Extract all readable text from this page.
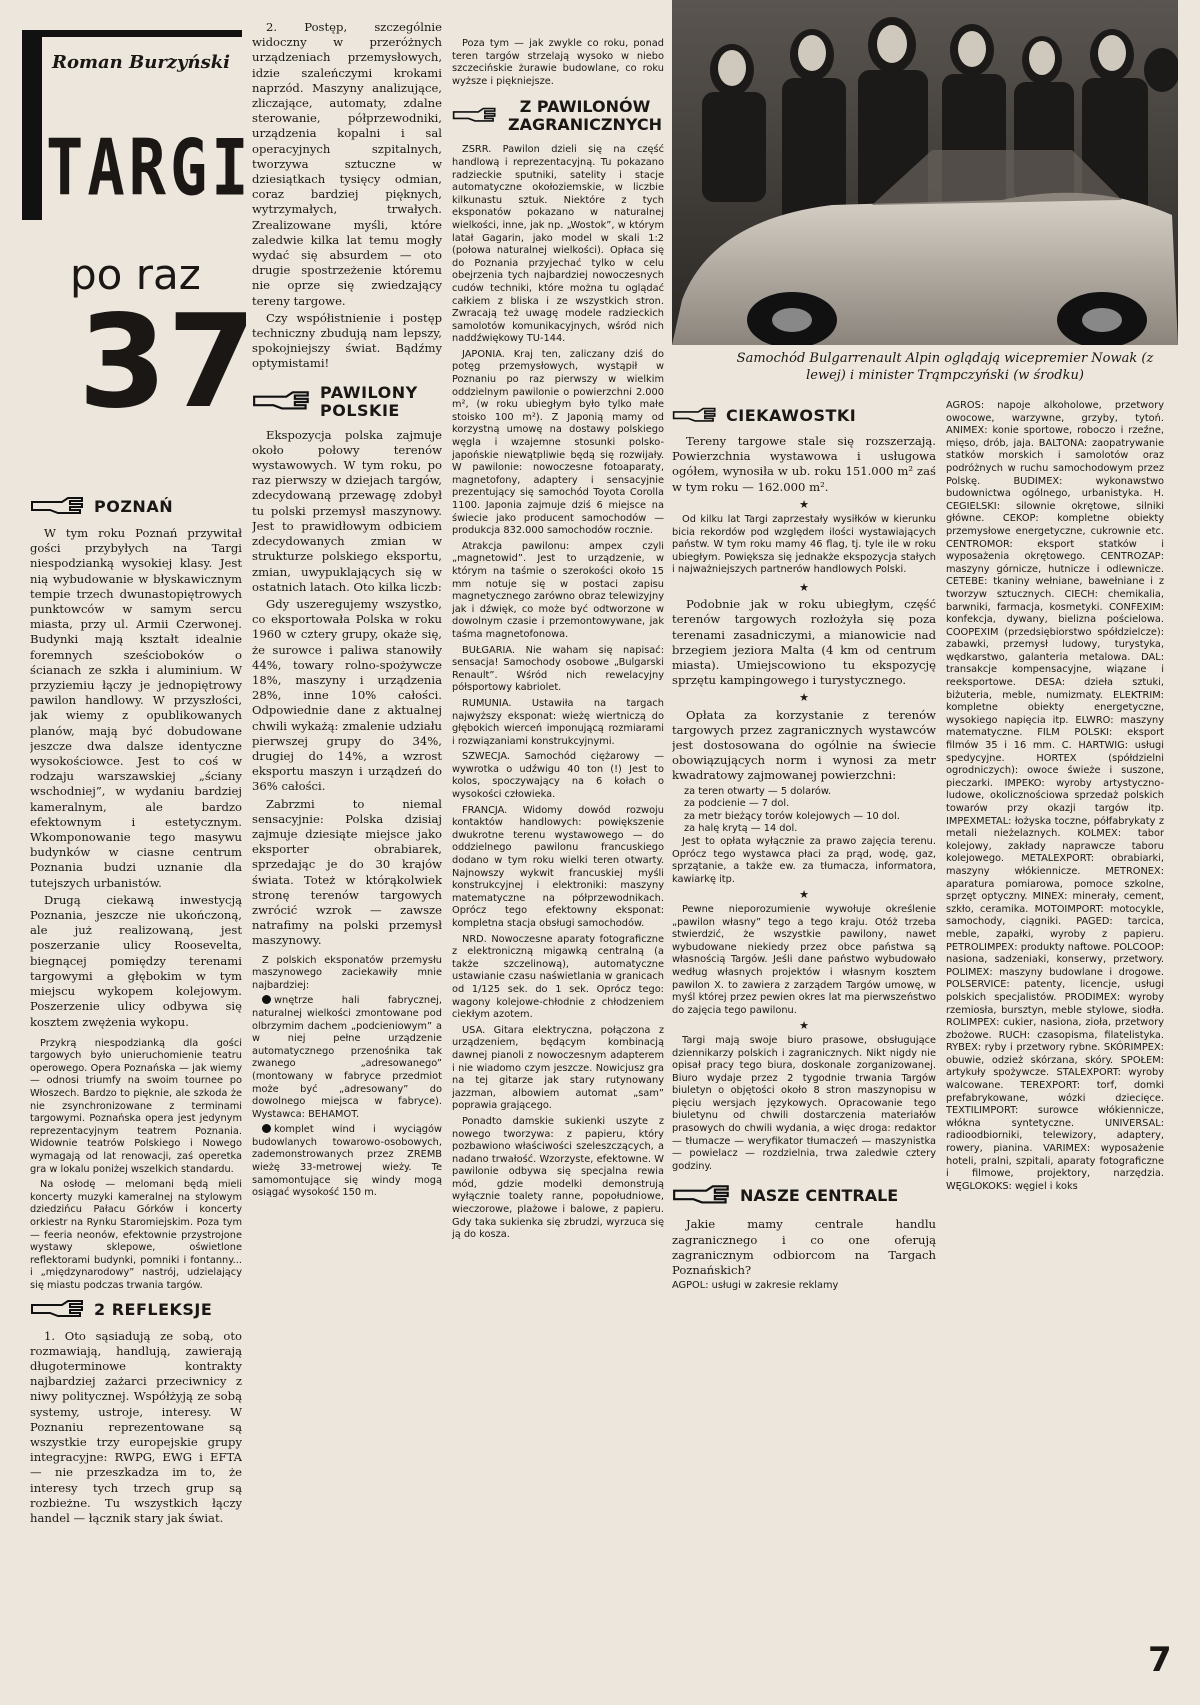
Roman Burzyński
TARGI
po raz
37
POZNAŃ

W tym roku Poznań przywitał gości przybyłych na Targi niespodzianką wysokiej klasy. Jest nią wybudowanie w błyskawicznym tempie trzech dwunastopiętrowych punktowców w samym sercu miasta, przy ul. Armii Czerwonej. Budynki mają kształt idealnie foremnych sześcioboków o ścianach ze szkła i aluminium. W przyziemiu łączy je jednopiętrowy pawilon handlowy. W przyszłości, jak wiemy z opublikowanych planów, mają być dobudowane jeszcze dwa dalsze identyczne wysokościowce. Jest to coś w rodzaju warszawskiej „ściany wschodniej”, w wydaniu bardziej kameralnym, ale bardzo efektownym i estetycznym. Wkomponowanie tego masywu budynków w ciasne centrum Poznania budzi uznanie dla tutejszych urbanistów.

Drugą ciekawą inwestycją Poznania, jeszcze nie ukończoną, ale już realizowaną, jest poszerzanie ulicy Roosevelta, biegnącej pomiędzy terenami targowymi a głębokim w tym miejscu wykopem kolejowym. Poszerzenie ulicy odbywa się kosztem zwężenia wykopu.

Przykrą niespodzianką dla gości targowych było unieruchomienie teatru operowego. Opera Poznańska — jak wiemy — odnosi triumfy na swoim tournee po Włoszech. Bardzo to pięknie, ale szkoda że nie zsynchronizowane z terminami targowymi. Poznańska opera jest jedynym reprezentacyjnym teatrem Poznania. Widownie teatrów Polskiego i Nowego wymagają od lat renowacji, zaś operetka gra w lokalu poniżej wszelkich standardu.

Na osłodę — melomani będą mieli koncerty muzyki kameralnej na stylowym dziedzińcu Pałacu Górków i koncerty orkiestr na Rynku Staromiejskim. Poza tym — feeria neonów, efektownie przystrojone wystawy sklepowe, oświetlone reflektorami budynki, pomniki i fontanny... i „międzynarodowy” nastrój, udzielający się miastu podczas trwania targów.

2 REFLEKSJE

1. Oto sąsiadują ze sobą, oto rozmawiają, handlują, zawierają długoterminowe kontrakty najbardziej zażarci przeciwnicy z niwy politycznej. Współżyją ze sobą systemy, ustroje, interesy. W Poznaniu reprezentowane są wszystkie trzy europejskie grupy integracyjne: RWPG, EWG i EFTA — nie przeszkadza im to, że interesy tych trzech grup są rozbieżne. Tu wszystkich łączy handel — łącznik stary jak świat.

2. Postęp, szczególnie widoczny w przeróżnych urządzeniach przemysłowych, idzie szaleńczymi krokami naprzód. Maszyny analizujące, zliczające, automaty, zdalne sterowanie, półprzewodniki, urządzenia kopalni i sal operacyjnych szpitalnych, tworzywa sztuczne w dziesiątkach tysięcy odmian, coraz bardziej pięknych, wytrzymałych, trwałych. Zrealizowane myśli, które zaledwie kilka lat temu mogły wydać się absurdem — oto drugie spostrzeżenie któremu nie oprze się zwiedzający tereny targowe.

Czy współistnienie i postęp techniczny zbudują nam lepszy, spokojniejszy świat. Bądźmy optymistami!

PAWILONY POLSKIE

Ekspozycja polska zajmuje około połowy terenów wystawowych. W tym roku, po raz pierwszy w dziejach targów, zdecydowaną przewagę zdobył tu polski przemysł maszynowy. Jest to prawidłowym odbiciem zdecydowanych zmian w strukturze polskiego eksportu, zmian, uwypuklających się w ostatnich latach. Oto kilka liczb:

Gdy uszeregujemy wszystko, co eksportowała Polska w roku 1960 w cztery grupy, okaże się, że surowce i paliwa stanowiły 44%, towary rolno-spożywcze 18%, maszyny i urządzenia 28%, inne 10% całości. Odpowiednie dane z aktualnej chwili wykażą: zmalenie udziału pierwszej grupy do 34%, drugiej do 14%, a wzrost eksportu maszyn i urządzeń do 36% całości.

Zabrzmi to niemal sensacyjnie: Polska dzisiaj zajmuje dziesiąte miejsce jako eksporter obrabiarek, sprzedając je do 30 krajów świata. Toteż w którąkolwiek stronę terenów targowych zwrócić wzrok — zawsze natrafimy na polski przemysł maszynowy.

Z polskich eksponatów przemysłu maszynowego zaciekawiły mnie najbardziej:

wnętrze hali fabrycznej, naturalnej wielkości zmontowane pod olbrzymim dachem „podcieniowym” a w niej pełne urządzenie automatycznego przenośnika tak zwanego „adresowanego” (montowany w fabryce przedmiot może być „adresowany” do dowolnego miejsca w fabryce). Wystawca: BEHAMOT.

komplet wind i wyciągów budowlanych towarowo-osobowych, zademonstrowanych przez ZREMB wieżę 33-metrowej wieży. Te samomontujące się windy mogą osiągać wysokość 150 m.

Poza tym — jak zwykle co roku, ponad teren targów strzelają wysoko w niebo szczecińskie żurawie budowlane, co roku wyższe i piękniejsze.

Z PAWILONÓW ZAGRANICZNYCH

ZSRR. Pawilon dzieli się na część handlową i reprezentacyjną. Tu pokazano radzieckie sputniki, satelity i stacje automatyczne okołoziemskie, w liczbie kilkunastu sztuk. Niektóre z tych eksponatów pokazano w naturalnej wielkości, inne, jak np. „Wostok”, w którym latał Gagarin, jako model w skali 1:2 (połowa naturalnej wielkości). Opłaca się do Poznania przyjechać tylko w celu obejrzenia tych najbardziej nowoczesnych cudów techniki, które można tu oglądać całkiem z bliska i ze wszystkich stron. Zwracają też uwagę modele radzieckich samolotów komunikacyjnych, wśród nich naddźwiękowy TU-144.

JAPONIA. Kraj ten, zaliczany dziś do potęg przemysłowych, wystąpił w Poznaniu po raz pierwszy w wielkim oddzielnym pawilonie o powierzchni 2.000 m², (w roku ubiegłym było tylko małe stoisko 100 m²). Z Japonią mamy od korzystną umowę na dostawy polskiego węgla i wzajemne stosunki polsko-japońskie niewątpliwie będą się rozwijały. W pawilonie: nowoczesne fotoaparaty, magnetofony, adaptery i sensacyjnie prezentujący się samochód Toyota Corolla 1100. Japonia zajmuje dziś 6 miejsce na świecie jako producent samochodów — produkcja 832.000 samochodów rocznie.

Atrakcja pawilonu: ampex czyli „magnetowid”. Jest to urządzenie, w którym na taśmie o szerokości około 15 mm notuje się w postaci zapisu magnetycznego zarówno obraz telewizyjny jak i dźwięk, co może być odtworzone w dowolnym czasie i przemontowywane, jak taśma magnetofonowa.

BUŁGARIA. Nie waham się napisać: sensacja! Samochody osobowe „Bulgarski Renault”. Wśród nich rewelacyjny półsportowy kabriolet.

RUMUNIA. Ustawiła na targach najwyższy eksponat: wieżę wiertniczą do głębokich wierceń imponującą rozmiarami i rozwiązaniami konstrukcyjnymi.

SZWECJA. Samochód ciężarowy — wywrotka o udźwigu 40 ton (!) Jest to kolos, spoczywający na 6 kołach o wysokości człowieka.

FRANCJA. Widomy dowód rozwoju kontaktów handlowych: powiększenie dwukrotne terenu wystawowego — do oddzielnego pawilonu francuskiego dodano w tym roku wielki teren otwarty. Najnowszy wykwit francuskiej myśli konstrukcyjnej i elektroniki: maszyny matematyczne na półprzewodnikach. Oprócz tego efektowny eksponat: kompletna stacja obsługi samochodów.

NRD. Nowoczesne aparaty fotograficzne z elektroniczną migawką centralną (a także szczelinową), automatyczne ustawianie czasu naświetlania w granicach od 1/125 sek. do 1 sek. Oprócz tego: wagony kolejowe-chłodnie z chłodzeniem ciekłym azotem.

USA. Gitara elektryczna, połączona z urządzeniem, będącym kombinacją dawnej pianoli z nowoczesnym adapterem i nie wiadomo czym jeszcze. Nowicjusz gra na tej gitarze jak stary rutynowany jazzman, albowiem automat „sam” poprawia grającego.

Ponadto damskie sukienki uszyte z nowego tworzywa: z papieru, który pozbawiono właściwości szeleszczących, a nadano trwałość. Wzorzyste, efektowne. W pawilonie odbywa się specjalna rewia mód, gdzie modelki demonstrują wyłącznie toalety ranne, popołudniowe, wieczorowe, plażowe i balowe, z papieru. Gdy taka sukienka się zbrudzi, wyrzuca się ją do kosza.

Samochód Bulgarrenault Alpin oglądają wicepremier Nowak (z lewej) i minister Trąmpczyński (w środku)
CIEKAWOSTKI

Tereny targowe stale się rozszerzają. Powierzchnia wystawowa i usługowa ogółem, wynosiła w ub. roku 151.000 m² zaś w tym roku — 162.000 m².

★

Od kilku lat Targi zaprzestały wysiłków w kierunku bicia rekordów pod względem ilości wystawiających państw. W tym roku mamy 46 flag, tj. tyle ile w roku ubiegłym. Powiększa się jednakże ekspozycja stałych i najważniejszych partnerów handlowych Polski.

★

Podobnie jak w roku ubiegłym, część terenów targowych rozłożyła się poza terenami zasadniczymi, a mianowicie nad brzegiem jeziora Malta (4 km od centrum miasta). Umiejscowiono tu ekspozycję sprzętu kampingowego i turystycznego.

★

Opłata za korzystanie z terenów targowych przez zagranicznych wystawców jest dostosowana do ogólnie na świecie obowiązujących norm i wynosi za metr kwadratowy zajmowanej powierzchni:

za teren otwarty — 5 dolarów.
za podcienie — 7 dol.
za metr bieżący torów kolejowych — 10 dol.
za halę krytą — 14 dol.

Jest to opłata wyłącznie za prawo zajęcia terenu. Oprócz tego wystawca płaci za prąd, wodę, gaz, sprzątanie, a także ew. za tłumacza, informatora, kawiarkę itp.

★

Pewne nieporozumienie wywołuje określenie „pawilon własny” tego a tego kraju. Otóż trzeba stwierdzić, że wszystkie pawilony, nawet wybudowane niekiedy przez obce państwa są własnością Targów. Jeśli dane państwo wybudowało według własnych projektów i własnym kosztem pawilon X. to zawiera z zarządem Targów umowę, w myśl której przez pewien okres lat ma pierwszeństwo do zajęcia tego pawilonu.

★

Targi mają swoje biuro prasowe, obsługujące dziennikarzy polskich i zagranicznych. Nikt nigdy nie opisał pracy tego biura, doskonale zorganizowanej. Biuro wydaje przez 2 tygodnie trwania Targów biuletyn o objętości około 8 stron maszynopisu w pięciu wersjach językowych. Opracowanie tego biuletynu od chwili dostarczenia materiałów prasowych do chwili wydania, a więc droga: redaktor — tłumacze — weryfikator tłumaczeń — maszynistka — powielacz — rozdzielnia, trwa zaledwie cztery godziny.

NASZE CENTRALE

Jakie mamy centrale handlu zagranicznego i co one oferują zagranicznym odbiorcom na Targach Poznańskich?

AGPOL: usługi w zakresie reklamy

AGROS: napoje alkoholowe, przetwory owocowe, warzywne, grzyby, tytoń. ANIMEX: konie sportowe, roboczo i rzeźne, mięso, drób, jaja. BALTONA: zaopatrywanie statków morskich i samolotów oraz podróżnych w ruchu samochodowym przez Polskę. BUDIMEX: wykonawstwo budownictwa ogólnego, urbanistyka. H. CEGIELSKI: silownie okrętowe, silniki główne. CEKOP: kompletne obiekty przemysłowe energetyczne, cukrownie etc. CENTROMOR: eksport statków i wyposażenia okrętowego. CENTROZAP: maszyny górnicze, hutnicze i odlewnicze. CETEBE: tkaniny wełniane, bawełniane i z tworzyw sztucznych. CIECH: chemikalia, barwniki, farmacja, kosmetyki. CONFEXIM: konfekcja, dywany, bielizna pościelowa. COOPEXIM (przedsiębiorstwo spółdzielcze): zabawki, przemysł ludowy, turystyka, wędkarstwo, galanteria metalowa. DAL: transakcje kompensacyjne, wiązane i reeksportowe. DESA: dzieła sztuki, biżuteria, meble, numizmaty. ELEKTRIM: kompletne obiekty energetyczne, wysokiego napięcia itp. ELWRO: maszyny matematyczne. FILM POLSKI: eksport filmów 35 i 16 mm. C. HARTWIG: usługi spedycyjne. HORTEX (spółdzielni ogrodniczych): owoce świeże i suszone, pieczarki. IMPEKO: wyroby artystyczno-ludowe, okolicznościowa sprzedaż polskich towarów przy okazji targów itp. IMPEXMETAL: łożyska toczne, półfabrykaty z metali nieżelaznych. KOLMEX: tabor kolejowy, zakłady naprawcze taboru kolejowego. METALEXPORT: obrabiarki, maszyny włókiennicze. METRONEX: aparatura pomiarowa, pomoce szkolne, sprzęt optyczny. MINEX: minerały, cement, szkło, ceramika. MOTOIMPORT: motocykle, samochody, ciągniki. PAGED: tarcica, meble, zapałki, wyroby z papieru. PETROLIMPEX: produkty naftowe. POLCOOP: nasiona, sadzeniaki, konserwy, przetwory. POLIMEX: maszyny budowlane i drogowe. POLSERVICE: patenty, licencje, usługi polskich specjalistów. PRODIMEX: wyroby rzemiosła, bursztyn, meble stylowe, siodła. ROLIMPEX: cukier, nasiona, zioła, przetwory zbożowe. RUCH: czasopisma, filatelistyka. RYBEX: ryby i przetwory rybne. SKÓRIMPEX: obuwie, odzież skórzana, skóry. SPOŁEM: artykuły spożywcze. STALEXPORT: wyroby walcowane. TEREXPORT: torf, domki prefabrykowane, wózki dziecięce. TEXTILIMPORT: surowce włókiennicze, włókna syntetyczne. UNIVERSAL: radioodbiorniki, telewizory, adaptery, rowery, pianina. VARIMEX: wyposażenie hoteli, pralni, szpitali, aparaty fotograficzne i filmowe, projektory, narzędzia. WĘGLOKOKS: węgiel i koks

7
